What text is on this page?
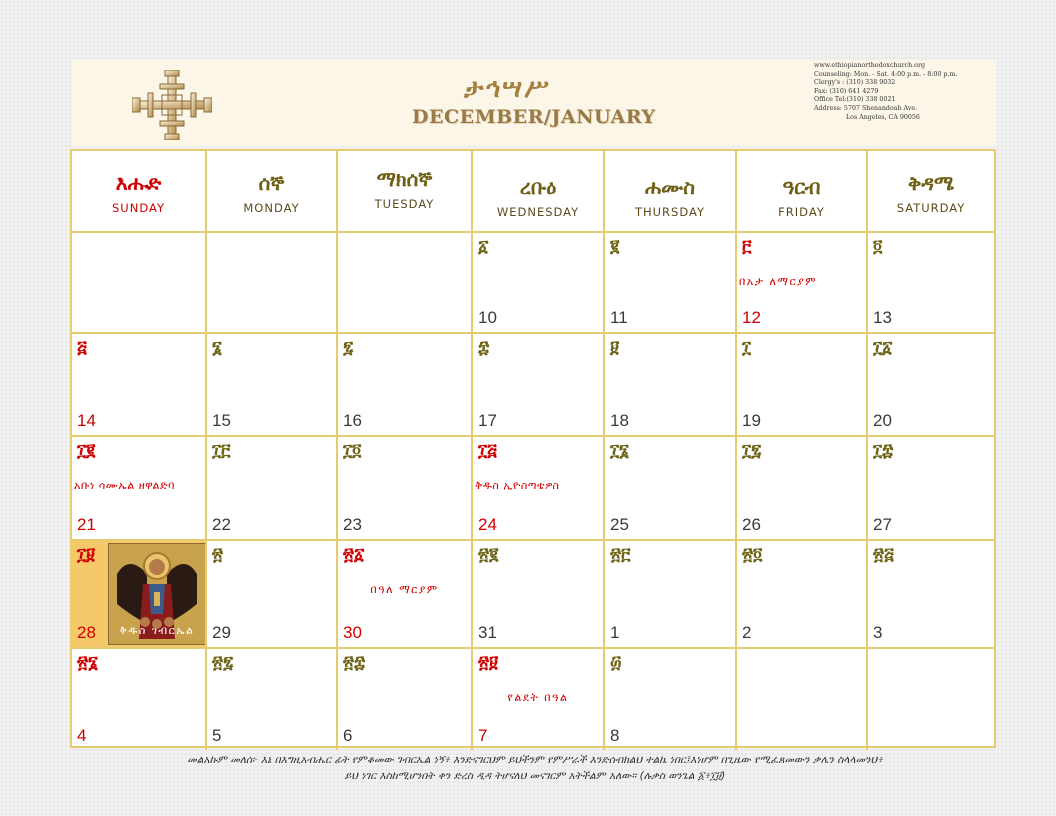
ታኅሣሥ
DECEMBER/JANUARY
www.ethiopianorthodoxchurch.org
Counseling: Mon. - Sat. 4:00 p.m. - 8:00 p.m.
Clergy's : (310) 338 9032
Fax: (310) 641 4279
Office Tel:(310) 338 0021
Address: 5707 Shenandoah Ave.
Los Angeles, CA 90056
እሑድ
SUNDAY
ሰኞ
MONDAY
ማክሰኞ
TUESDAY
ረቡዕ
WEDNESDAY
ሐሙስ
THURSDAY
ዓርብ
FRIDAY
ቅዳሜ
SATURDAY
፩
10
፪
11
፫
በአታ ለማርያም
12
፬
13
፭
14
፮
15
፯
16
፰
17
፱
18
፲
19
፲፩
20
፲፪
አቡነ ሳሙኤል ዘዋልድባ
21
፲፫
22
፲፬
23
፲፭
ቅዱስ ኢዮስጣቴዎስ
24
፲፮
25
፲፯
26
፲፰
27
፲፱
ቅዱስ ገብርኤል
28
፳
29
፳፩
በዓለ ማርያም
30
፳፪
31
፳፫
1
፳፬
2
፳፭
3
፳፮
4
፳፯
5
፳፰
6
፳፱
የልደት በዓል
7
፴
8
መልአኩም መለሰ፦ እኔ በእግዚአብሔር ፊት የምቆመው ገብርኤል ነኝ፥ እንድናገርህም ይህችንም የምሥራች እንድሰብክልህ ተልኬ ነበር፤እነሆም በጊዜው የሚፈጸመውን ቃሌን ስላላመንህ፥
ይህ ነገር እስከሚሆንበት ቀን ድረስ ዲዳ ትሆናለህ መናገርም አትችልም አለው። (ሉቃስ ወንጌል ፩፥፲፱)
